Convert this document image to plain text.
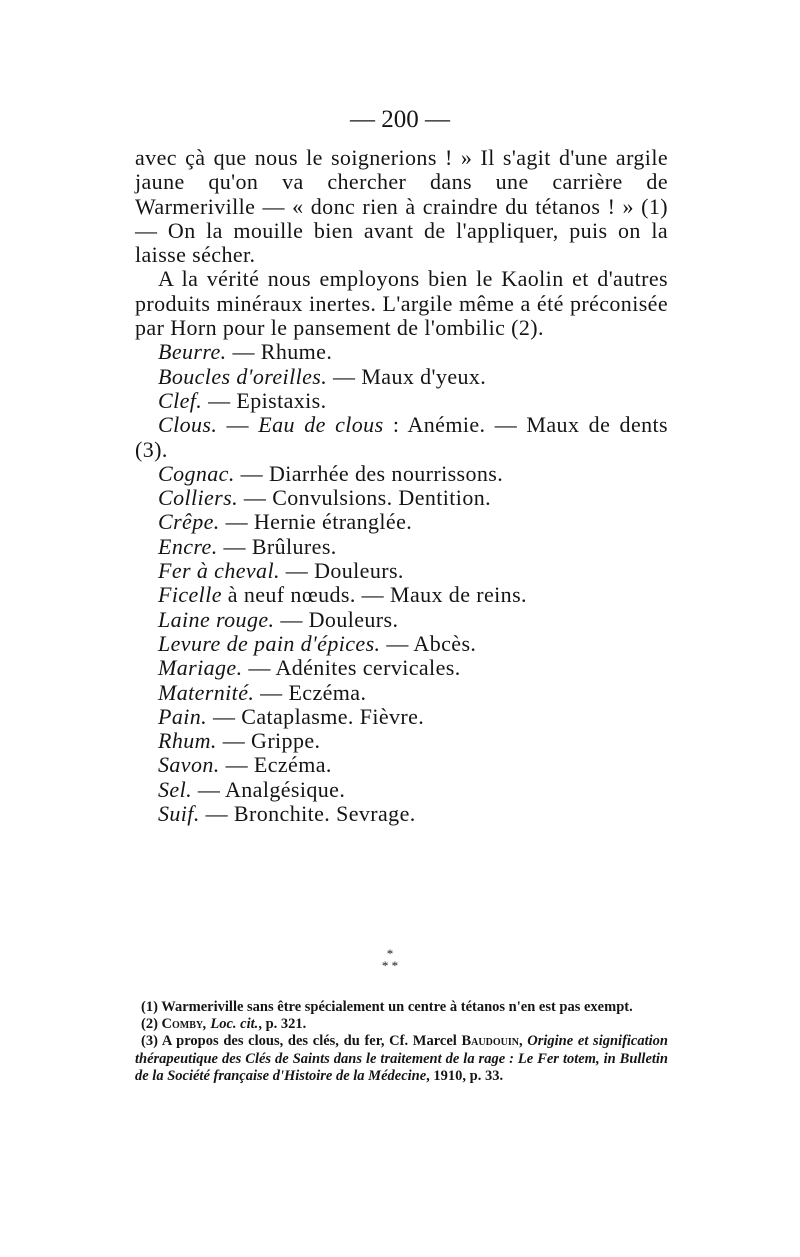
— 200 —

avec çà que nous le soignerions ! » Il s'agit d'une argile jaune qu'on va chercher dans une carrière de Warmeriville — « donc rien à craindre du tétanos ! » (1) — On la mouille bien avant de l'appliquer, puis on la laisse sécher.

A la vérité nous employons bien le Kaolin et d'autres produits minéraux inertes. L'argile même a été préconisée par Horn pour le pansement de l'ombilic (2).

Beurre. — Rhume.

Boucles d'oreilles. — Maux d'yeux.

Clef. — Epistaxis.

Clous. — Eau de clous : Anémie. — Maux de dents (3).

Cognac. — Diarrhée des nourrissons.

Colliers. — Convulsions. Dentition.

Crêpe. — Hernie étranglée.

Encre. — Brûlures.

Fer à cheval. — Douleurs.

Ficelle à neuf nœuds. — Maux de reins.

Laine rouge. — Douleurs.

Levure de pain d'épices. — Abcès.

Mariage. — Adénites cervicales.

Maternité. — Eczéma.

Pain. — Cataplasme. Fièvre.

Rhum. — Grippe.

Savon. — Eczéma.

Sel. — Analgésique.

Suif. — Bronchite. Sevrage.

*
* *

(1) Warmeriville sans être spécialement un centre à tétanos n'en est pas exempt.

(2) Comby, Loc. cit., p. 321.

(3) A propos des clous, des clés, du fer, Cf. Marcel Baudouin, Origine et signification thérapeutique des Clés de Saints dans le traitement de la rage : Le Fer totem, in Bulletin de la Société française d'Histoire de la Médecine, 1910, p. 33.
